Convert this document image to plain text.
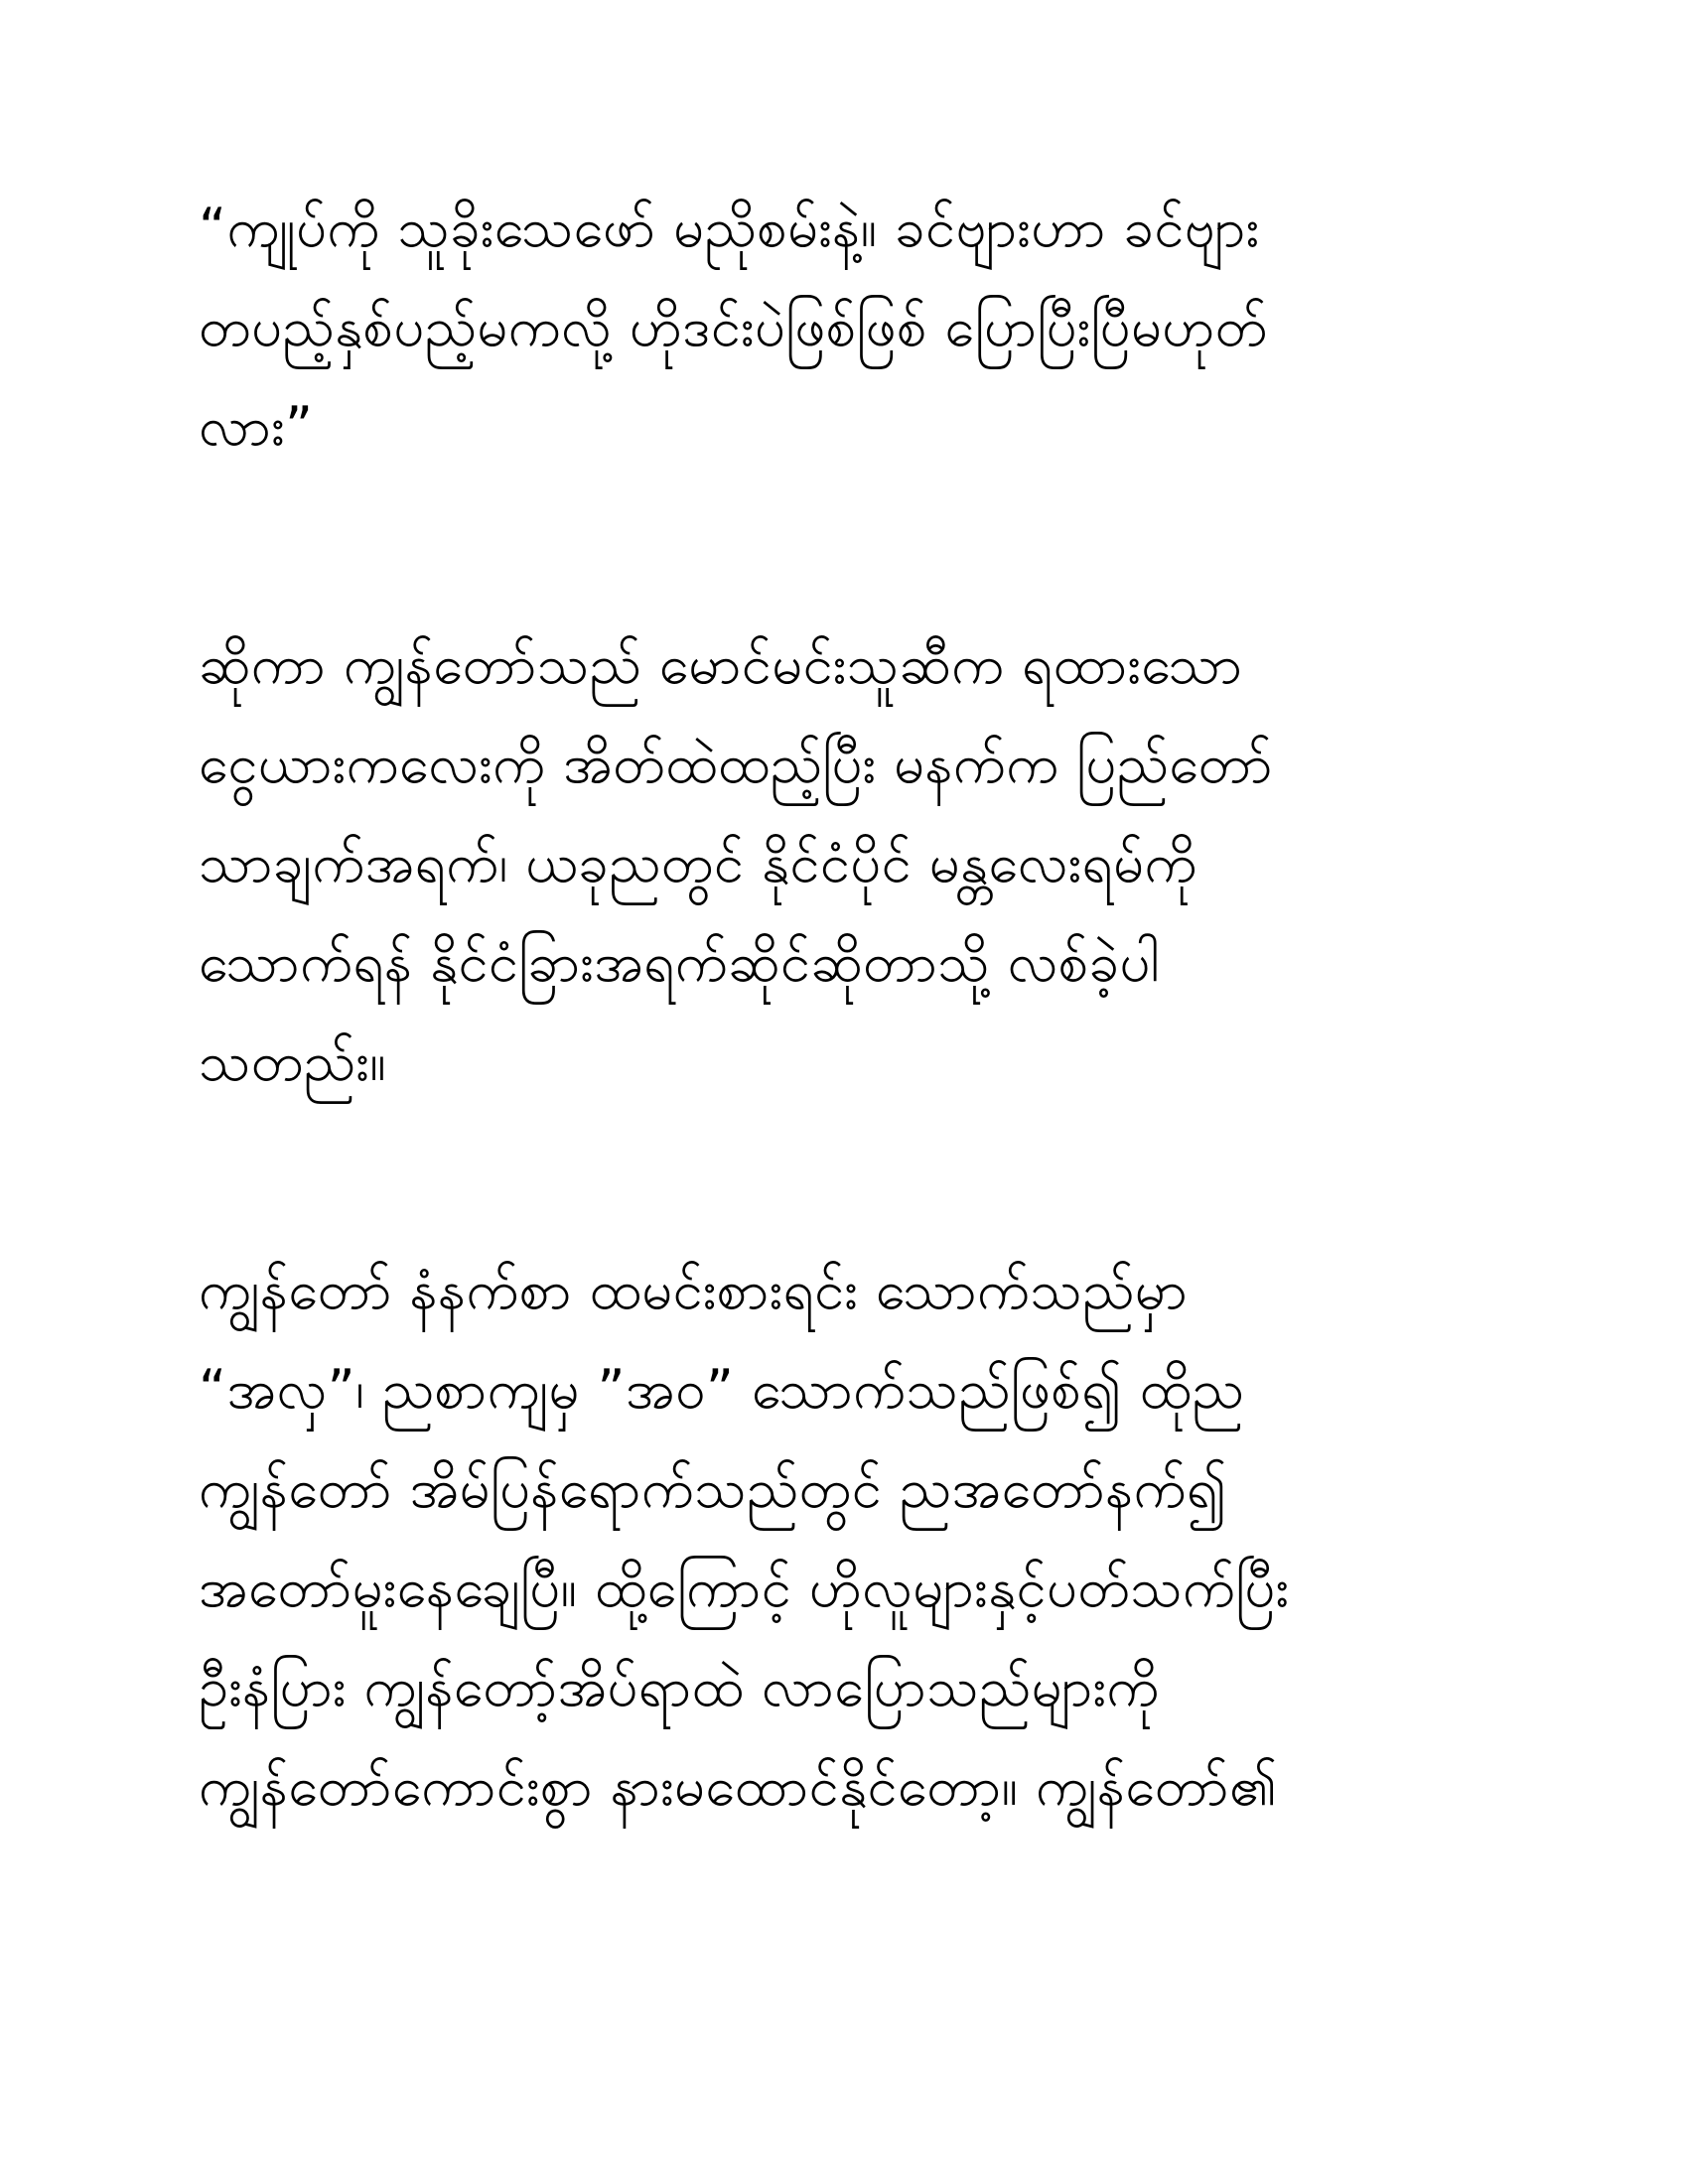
“ကျုပ်ကို သူခိုးသေဖော် မညိုစမ်းနဲ့။ ခင်ဗျားဟာ ခင်ဗျား
တပည့်နှစ်ပည့်မကလို့ ဟိုဒင်းပဲဖြစ်ဖြစ် ပြောပြီးပြီမဟုတ်
လား”
ဆိုကာ ကျွန်တော်သည် မောင်မင်းသူဆီက ရထားသော
ငွေယားကလေးကို အိတ်ထဲထည့်ပြီး မနက်က ပြည်တော်
သာချက်အရက်၊ ယခုညတွင် နိုင်ငံပိုင် မန္တလေးရမ်ကို
သောက်ရန် နိုင်ငံခြားအရက်ဆိုင်ဆိုတာသို့ လစ်ခဲ့ပါ
သတည်း။
ကျွန်တော် နံနက်စာ ထမင်းစားရင်း သောက်သည်မှာ
“အလှ”၊ ညစာကျမှ ”အဝ” သောက်သည်ဖြစ်၍ ထိုည
ကျွန်တော် အိမ်ပြန်ရောက်သည်တွင် ညအတော်နက်၍
အတော်မူးနေချေပြီ။ ထို့ကြောင့် ဟိုလူများနှင့်ပတ်သက်ပြီး
ဦးနံပြား ကျွန်တော့်အိပ်ရာထဲ လာပြောသည်များကို
ကျွန်တော်ကောင်းစွာ နားမထောင်နိုင်တော့။ ကျွန်တော်၏
